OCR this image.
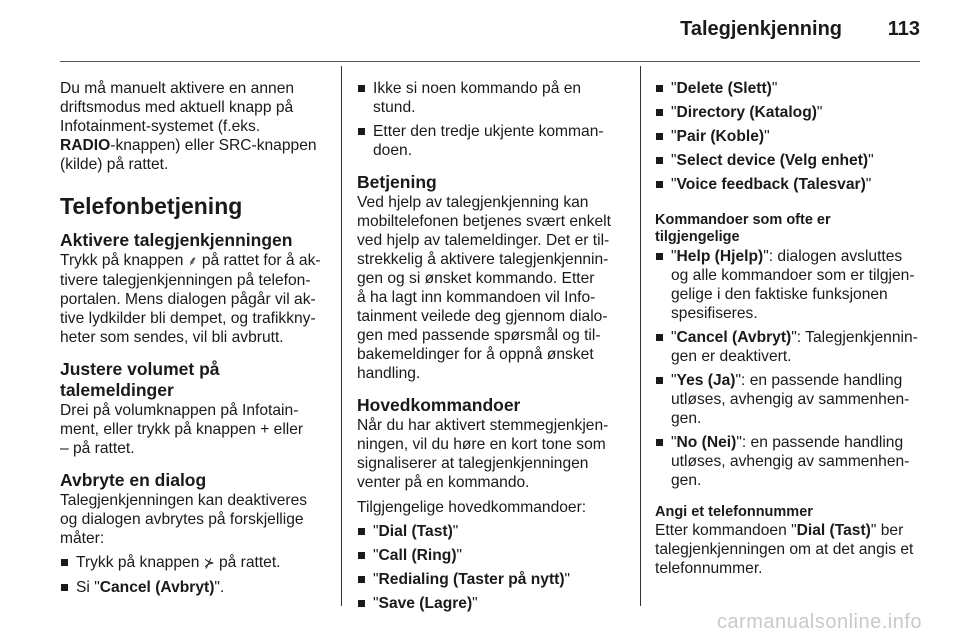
Talegjenkjenning 113

Du må manuelt aktivere en annen
driftsmodus med aktuell knapp på
Infotainment-systemet (f.eks.
RADIO-knappen) eller SRC-knappen
(kilde) på rattet.

Telefonbetjening
Aktivere talegjenkjenningen

Trykk på knappen ⸙ på rattet for å ak-
tivere talegjenkjenningen på telefon-
portalen. Mens dialogen pågår vil ak-
tive lydkilder bli dempet, og trafikkny-
heter som sendes, vil bli avbrutt.

Justere volumet på
talemeldinger

Drei på volumknappen på Infotain-
ment, eller trykk på knappen + eller
– på rattet.

Avbryte en dialog

Talegjenkjenningen kan deaktiveres
og dialogen avbrytes på forskjellige
måter:

Trykk på knappen ⊁ på rattet.
Si "Cancel (Avbryt)".
Ikke si noen kommando på en
stund.
Etter den tredje ukjente komman-
doen.
Betjening

Ved hjelp av talegjenkjenning kan
mobiltelefonen betjenes svært enkelt
ved hjelp av talemeldinger. Det er til-
strekkelig å aktivere talegjenkjennin-
gen og si ønsket kommando. Etter
å ha lagt inn kommandoen vil Info-
tainment veilede deg gjennom dialo-
gen med passende spørsmål og til-
bakemeldinger for å oppnå ønsket
handling.

Hovedkommandoer

Når du har aktivert stemmegjenkjen-
ningen, vil du høre en kort tone som
signaliserer at talegjenkjenningen
venter på en kommando.

Tilgjengelige hovedkommandoer:

"Dial (Tast)"
"Call (Ring)"
"Redialing (Taster på nytt)"
"Save (Lagre)"
"Delete (Slett)"
"Directory (Katalog)"
"Pair (Koble)"
"Select device (Velg enhet)"
"Voice feedback (Talesvar)"
Kommandoer som ofte er
tilgjengelige
"Help (Hjelp)": dialogen avsluttes
og alle kommandoer som er tilgjen-
gelige i den faktiske funksjonen
spesifiseres.
"Cancel (Avbryt)": Talegjenkjennin-
gen er deaktivert.
"Yes (Ja)": en passende handling
utløses, avhengig av sammenhen-
gen.
"No (Nei)": en passende handling
utløses, avhengig av sammenhen-
gen.
Angi et telefonnummer

Etter kommandoen "Dial (Tast)" ber
talegjenkjenningen om at det angis et
telefonnummer.

carmanualsonline.info
